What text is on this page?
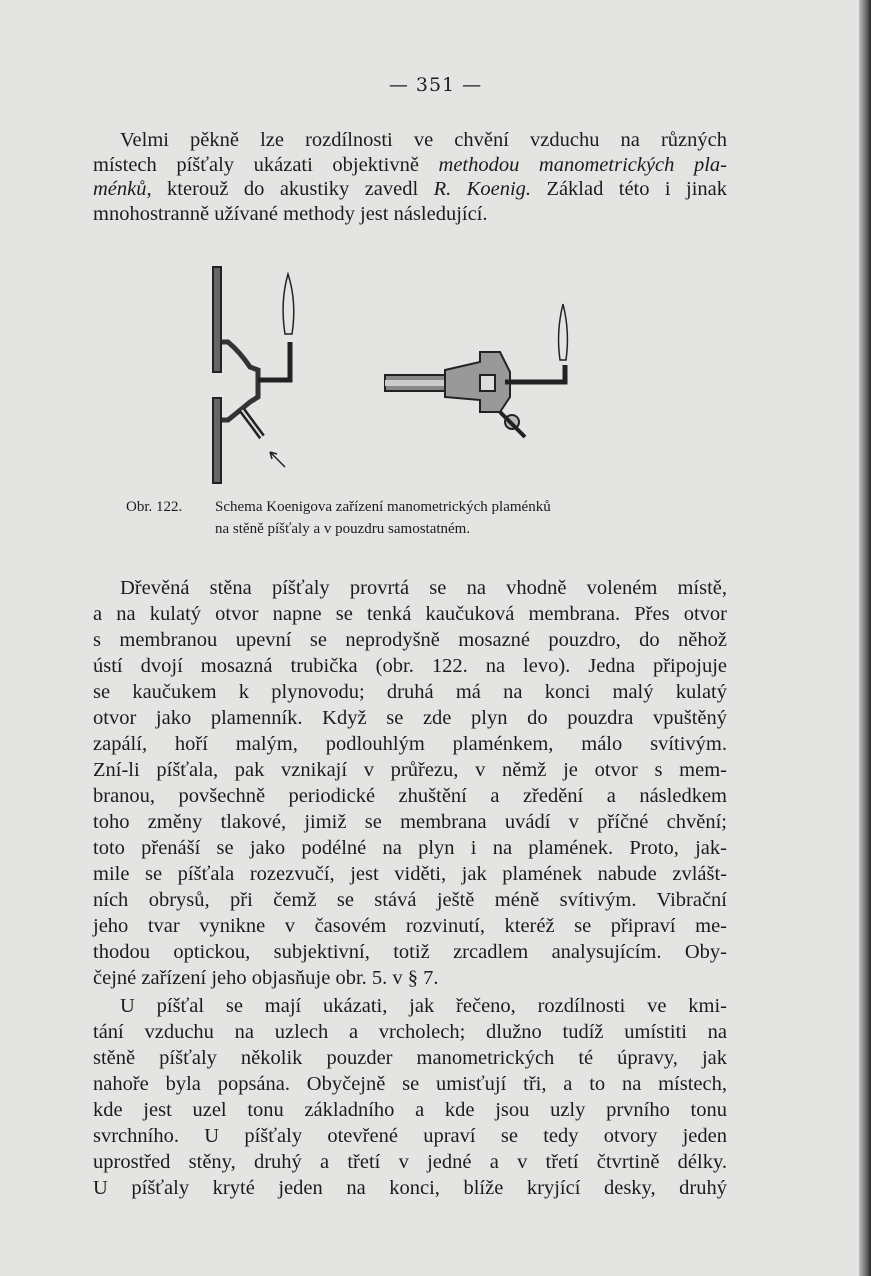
— 351 —
Velmi pěkně lze rozdílnosti ve chvění vzduchu na různých
místech píšťaly ukázati objektivně methodou manometrických pla-
ménků, kterouž do akustiky zavedl R. Koenig. Základ této i jinak
mnohostranně užívané methody jest následující.
Dřevěná stěna píšťaly provrtá se na vhodně voleném místě,
a na kulatý otvor napne se tenká kaučuková membrana. Přes otvor
s membranou upevní se neprodyšně mosazné pouzdro, do něhož
ústí dvojí mosazná trubička (obr. 122. na levo). Jedna připojuje
se kaučukem k plynovodu; druhá má na konci malý kulatý
otvor jako plamenník. Když se zde plyn do pouzdra vpuštěný
zapálí, hoří malým, podlouhlým plaménkem, málo svítivým.
Zní-li píšťala, pak vznikají v průřezu, v němž je otvor s mem-
branou, povšechně periodické zhuštění a zředění a následkem
toho změny tlakové, jimiž se membrana uvádí v příčné chvění;
toto přenáší se jako podélné na plyn i na plamének. Proto, jak-
mile se píšťala rozezvučí, jest viděti, jak plamének nabude zvlášt-
ních obrysů, při čemž se stává ještě méně svítivým. Vibrační
jeho tvar vynikne v časovém rozvinutí, kteréž se připraví me-
thodou optickou, subjektivní, totiž zrcadlem analysujícím. Oby-
čejné zařízení jeho objasňuje obr. 5. v § 7.
U píšťal se mají ukázati, jak řečeno, rozdílnosti ve kmi-
tání vzduchu na uzlech a vrcholech; dlužno tudíž umístiti na
stěně píšťaly několik pouzder manometrických té úpravy, jak
nahoře byla popsána. Obyčejně se umisťují tři, a to na místech,
kde jest uzel tonu základního a kde jsou uzly prvního tonu
svrchního. U píšťaly otevřené upraví se tedy otvory jeden
uprostřed stěny, druhý a třetí v jedné a v třetí čtvrtině délky.
U píšťaly kryté jeden na konci, blíže kryjící desky, druhý
Obr. 122. Schema Koenigova zařízení manometrických plaménků
na stěně píšťaly a v pouzdru samostatném.
